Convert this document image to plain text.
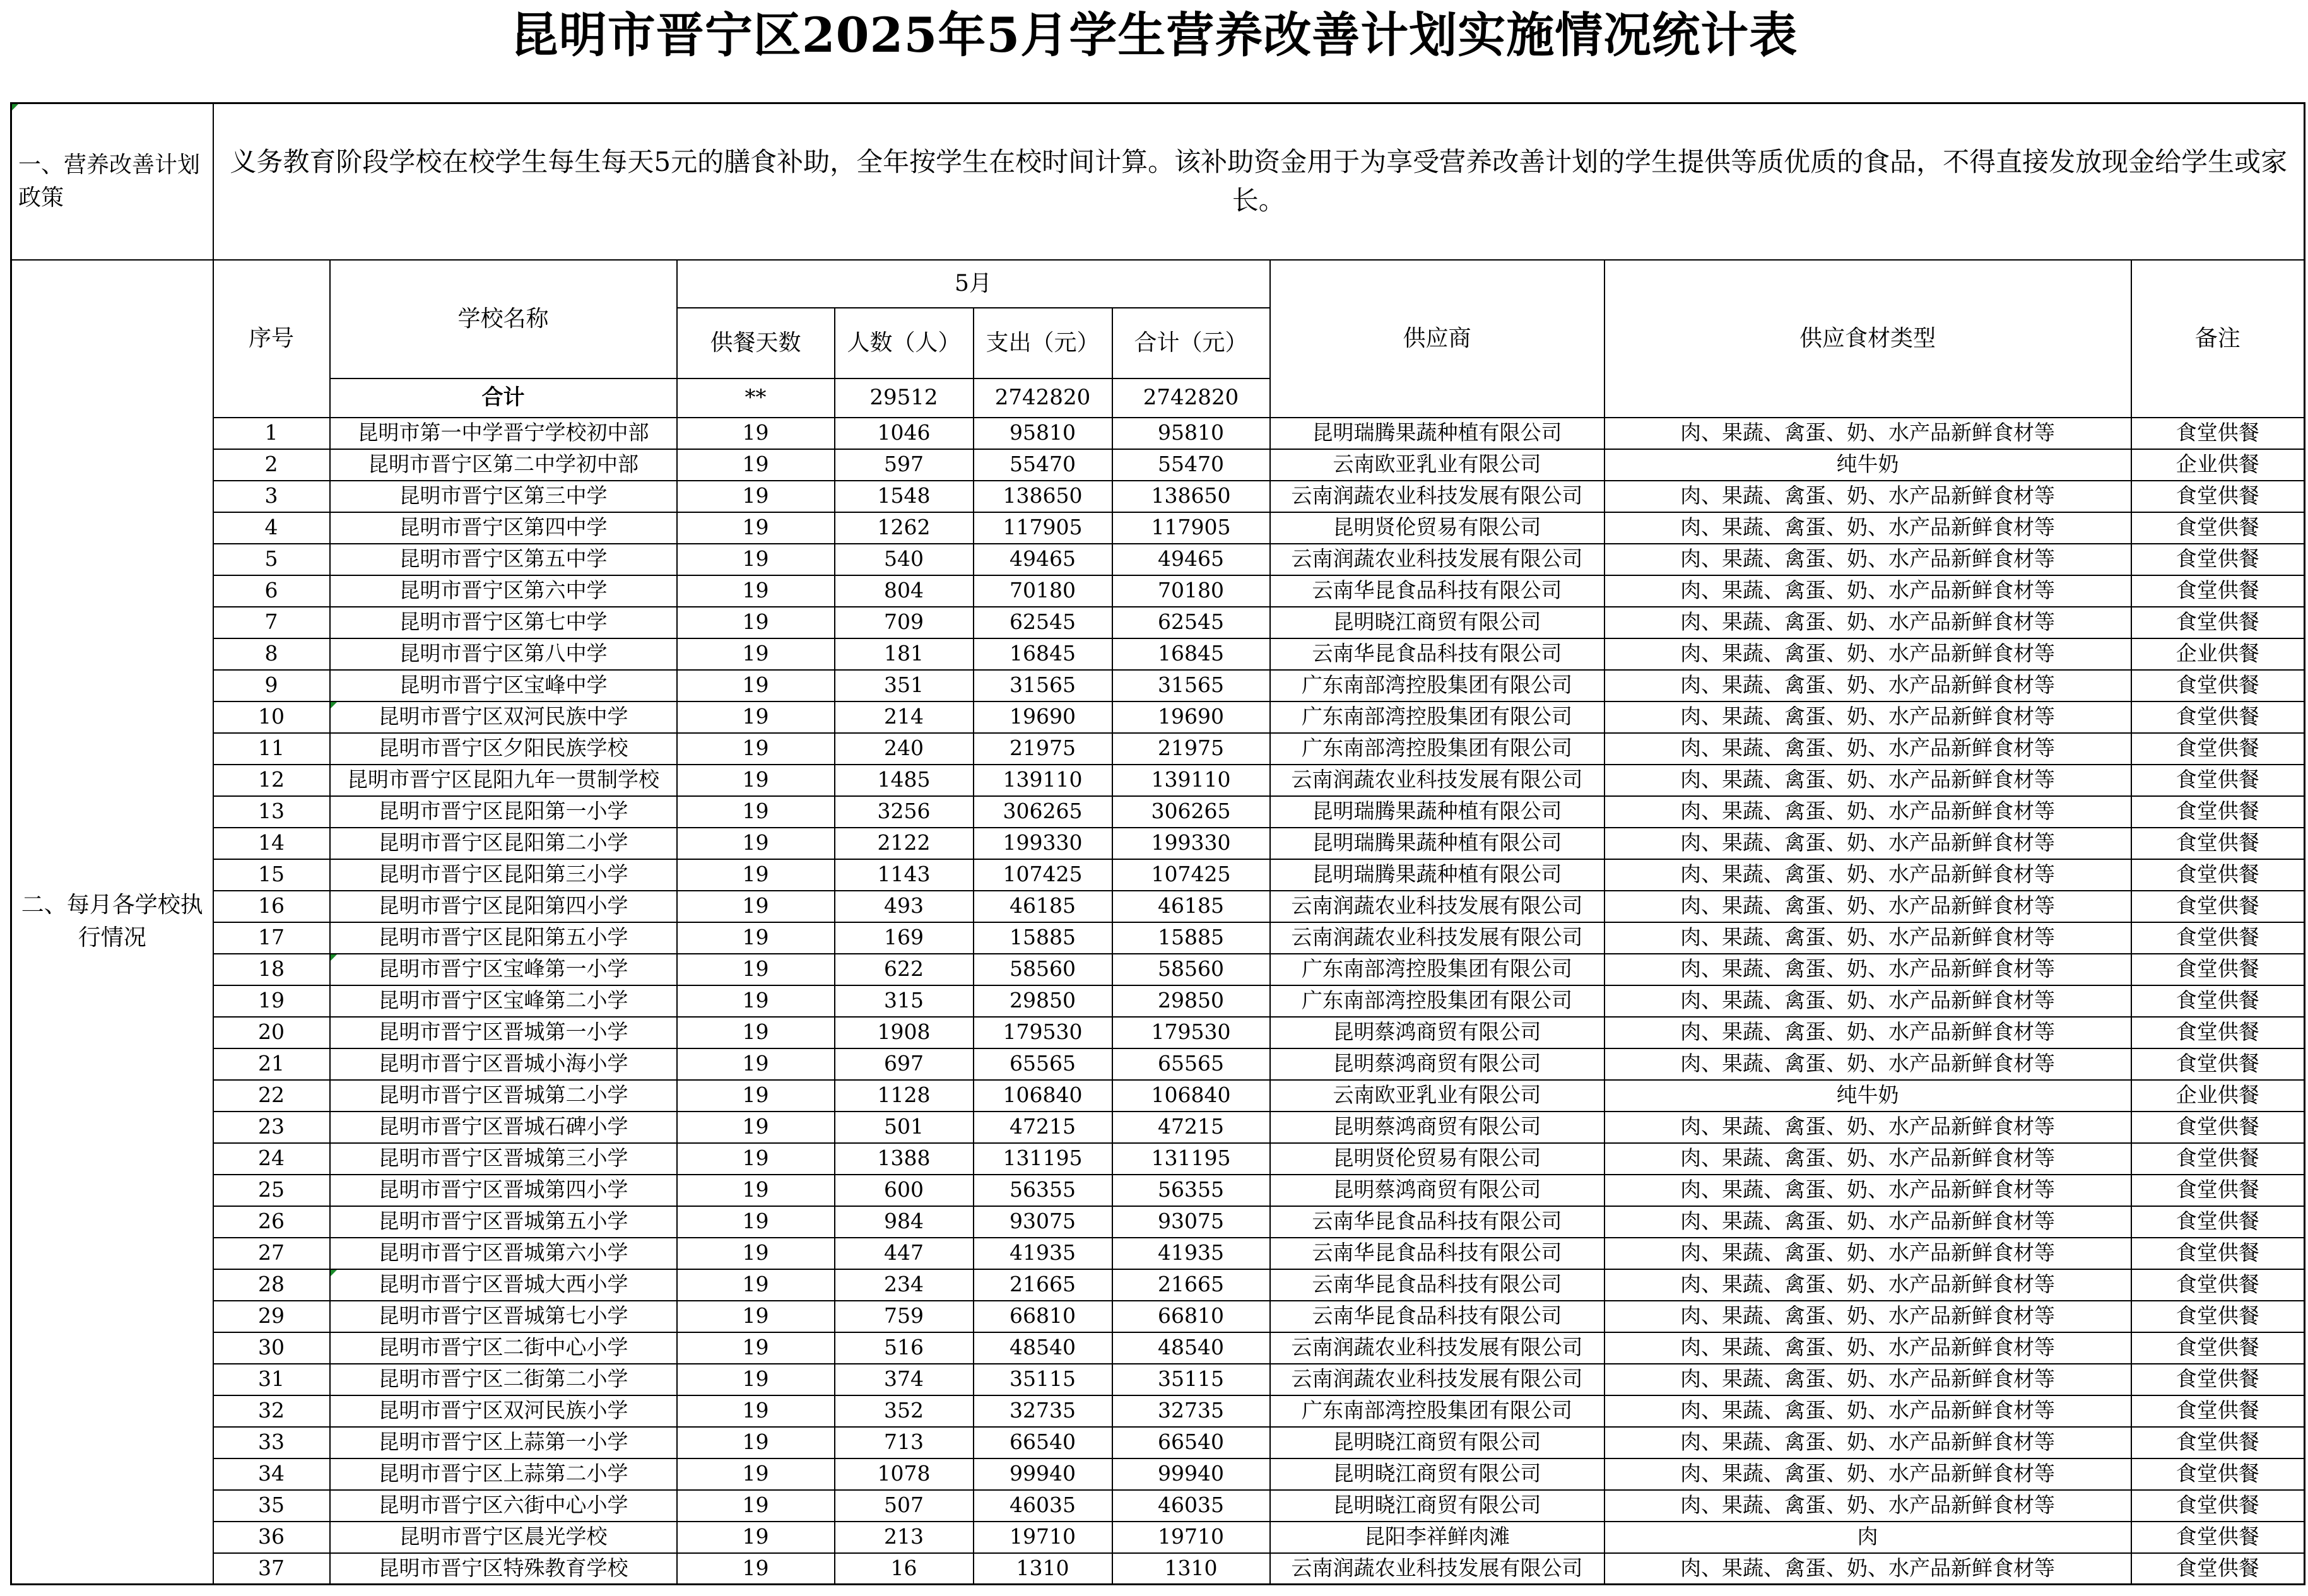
昆明市晋宁区2025年5月学生营养改善计划实施情况统计表
一、营养改善计划政策	义务教育阶段学校在校学生每生每天5元的膳食补助，全年按学生在校时间计算。该补助资金用于为享受营养改善计划的学生提供等质优质的食品，不得直接发放现金给学生或家长。								
二、每月各学校执行情况	序号	学校名称	5月				供应商	供应食材类型	备注
			供餐天数	人数（人）	支出（元）	合计（元）			
		合计	**	29512	2742820	2742820			
	1	昆明市第一中学晋宁学校初中部	19	1046	95810	95810	昆明瑞腾果蔬种植有限公司	肉、果蔬、禽蛋、奶、水产品新鲜食材等	食堂供餐
	2	昆明市晋宁区第二中学初中部	19	597	55470	55470	云南欧亚乳业有限公司	纯牛奶	企业供餐
	3	昆明市晋宁区第三中学	19	1548	138650	138650	云南润蔬农业科技发展有限公司	肉、果蔬、禽蛋、奶、水产品新鲜食材等	食堂供餐
	4	昆明市晋宁区第四中学	19	1262	117905	117905	昆明贤伦贸易有限公司	肉、果蔬、禽蛋、奶、水产品新鲜食材等	食堂供餐
	5	昆明市晋宁区第五中学	19	540	49465	49465	云南润蔬农业科技发展有限公司	肉、果蔬、禽蛋、奶、水产品新鲜食材等	食堂供餐
	6	昆明市晋宁区第六中学	19	804	70180	70180	云南华昆食品科技有限公司	肉、果蔬、禽蛋、奶、水产品新鲜食材等	食堂供餐
	7	昆明市晋宁区第七中学	19	709	62545	62545	昆明晓江商贸有限公司	肉、果蔬、禽蛋、奶、水产品新鲜食材等	食堂供餐
	8	昆明市晋宁区第八中学	19	181	16845	16845	云南华昆食品科技有限公司	肉、果蔬、禽蛋、奶、水产品新鲜食材等	企业供餐
	9	昆明市晋宁区宝峰中学	19	351	31565	31565	广东南部湾控股集团有限公司	肉、果蔬、禽蛋、奶、水产品新鲜食材等	食堂供餐
	10	昆明市晋宁区双河民族中学	19	214	19690	19690	广东南部湾控股集团有限公司	肉、果蔬、禽蛋、奶、水产品新鲜食材等	食堂供餐
	11	昆明市晋宁区夕阳民族学校	19	240	21975	21975	广东南部湾控股集团有限公司	肉、果蔬、禽蛋、奶、水产品新鲜食材等	食堂供餐
	12	昆明市晋宁区昆阳九年一贯制学校	19	1485	139110	139110	云南润蔬农业科技发展有限公司	肉、果蔬、禽蛋、奶、水产品新鲜食材等	食堂供餐
	13	昆明市晋宁区昆阳第一小学	19	3256	306265	306265	昆明瑞腾果蔬种植有限公司	肉、果蔬、禽蛋、奶、水产品新鲜食材等	食堂供餐
	14	昆明市晋宁区昆阳第二小学	19	2122	199330	199330	昆明瑞腾果蔬种植有限公司	肉、果蔬、禽蛋、奶、水产品新鲜食材等	食堂供餐
	15	昆明市晋宁区昆阳第三小学	19	1143	107425	107425	昆明瑞腾果蔬种植有限公司	肉、果蔬、禽蛋、奶、水产品新鲜食材等	食堂供餐
	16	昆明市晋宁区昆阳第四小学	19	493	46185	46185	云南润蔬农业科技发展有限公司	肉、果蔬、禽蛋、奶、水产品新鲜食材等	食堂供餐
	17	昆明市晋宁区昆阳第五小学	19	169	15885	15885	云南润蔬农业科技发展有限公司	肉、果蔬、禽蛋、奶、水产品新鲜食材等	食堂供餐
	18	昆明市晋宁区宝峰第一小学	19	622	58560	58560	广东南部湾控股集团有限公司	肉、果蔬、禽蛋、奶、水产品新鲜食材等	食堂供餐
	19	昆明市晋宁区宝峰第二小学	19	315	29850	29850	广东南部湾控股集团有限公司	肉、果蔬、禽蛋、奶、水产品新鲜食材等	食堂供餐
	20	昆明市晋宁区晋城第一小学	19	1908	179530	179530	昆明蔡鸿商贸有限公司	肉、果蔬、禽蛋、奶、水产品新鲜食材等	食堂供餐
	21	昆明市晋宁区晋城小海小学	19	697	65565	65565	昆明蔡鸿商贸有限公司	肉、果蔬、禽蛋、奶、水产品新鲜食材等	食堂供餐
	22	昆明市晋宁区晋城第二小学	19	1128	106840	106840	云南欧亚乳业有限公司	纯牛奶	企业供餐
	23	昆明市晋宁区晋城石碑小学	19	501	47215	47215	昆明蔡鸿商贸有限公司	肉、果蔬、禽蛋、奶、水产品新鲜食材等	食堂供餐
	24	昆明市晋宁区晋城第三小学	19	1388	131195	131195	昆明贤伦贸易有限公司	肉、果蔬、禽蛋、奶、水产品新鲜食材等	食堂供餐
	25	昆明市晋宁区晋城第四小学	19	600	56355	56355	昆明蔡鸿商贸有限公司	肉、果蔬、禽蛋、奶、水产品新鲜食材等	食堂供餐
	26	昆明市晋宁区晋城第五小学	19	984	93075	93075	云南华昆食品科技有限公司	肉、果蔬、禽蛋、奶、水产品新鲜食材等	食堂供餐
	27	昆明市晋宁区晋城第六小学	19	447	41935	41935	云南华昆食品科技有限公司	肉、果蔬、禽蛋、奶、水产品新鲜食材等	食堂供餐
	28	昆明市晋宁区晋城大西小学	19	234	21665	21665	云南华昆食品科技有限公司	肉、果蔬、禽蛋、奶、水产品新鲜食材等	食堂供餐
	29	昆明市晋宁区晋城第七小学	19	759	66810	66810	云南华昆食品科技有限公司	肉、果蔬、禽蛋、奶、水产品新鲜食材等	食堂供餐
	30	昆明市晋宁区二街中心小学	19	516	48540	48540	云南润蔬农业科技发展有限公司	肉、果蔬、禽蛋、奶、水产品新鲜食材等	食堂供餐
	31	昆明市晋宁区二街第二小学	19	374	35115	35115	云南润蔬农业科技发展有限公司	肉、果蔬、禽蛋、奶、水产品新鲜食材等	食堂供餐
	32	昆明市晋宁区双河民族小学	19	352	32735	32735	广东南部湾控股集团有限公司	肉、果蔬、禽蛋、奶、水产品新鲜食材等	食堂供餐
	33	昆明市晋宁区上蒜第一小学	19	713	66540	66540	昆明晓江商贸有限公司	肉、果蔬、禽蛋、奶、水产品新鲜食材等	食堂供餐
	34	昆明市晋宁区上蒜第二小学	19	1078	99940	99940	昆明晓江商贸有限公司	肉、果蔬、禽蛋、奶、水产品新鲜食材等	食堂供餐
	35	昆明市晋宁区六街中心小学	19	507	46035	46035	昆明晓江商贸有限公司	肉、果蔬、禽蛋、奶、水产品新鲜食材等	食堂供餐
	36	昆明市晋宁区晨光学校	19	213	19710	19710	昆阳李祥鲜肉滩	肉	食堂供餐
	37	昆明市晋宁区特殊教育学校	19	16	1310	1310	云南润蔬农业科技发展有限公司	肉、果蔬、禽蛋、奶、水产品新鲜食材等	食堂供餐
